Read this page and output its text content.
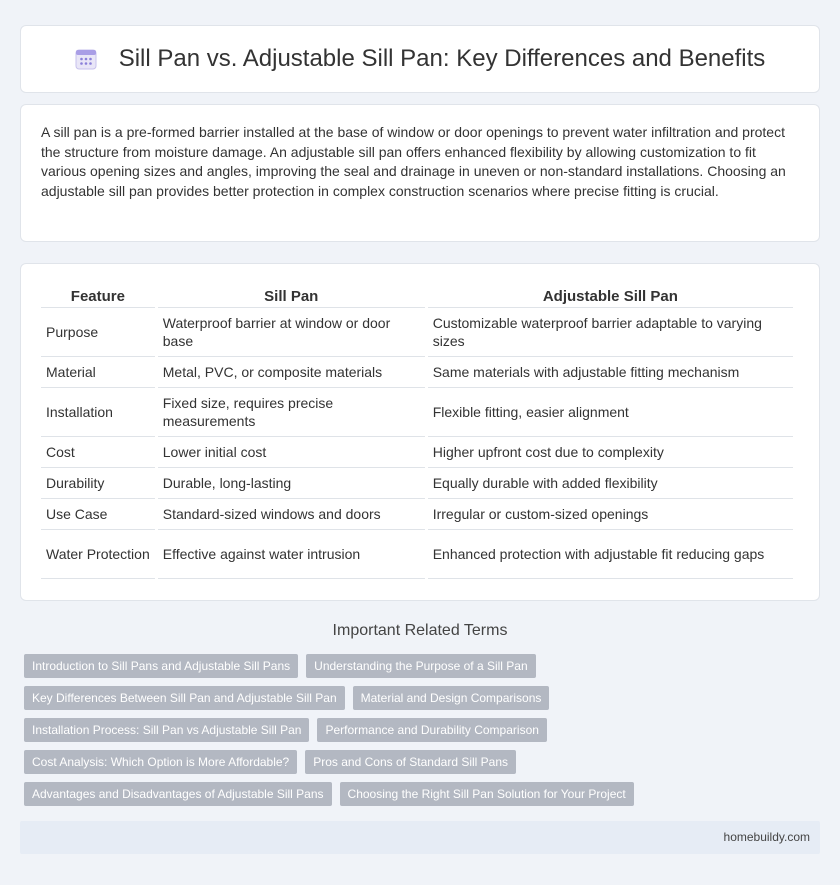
Sill Pan vs. Adjustable Sill Pan: Key Differences and Benefits

A sill pan is a pre-formed barrier installed at the base of window or door openings to prevent water infiltration and protect the structure from moisture damage. An adjustable sill pan offers enhanced flexibility by allowing customization to fit various opening sizes and angles, improving the seal and drainage in uneven or non-standard installations. Choosing an adjustable sill pan provides better protection in complex construction scenarios where precise fitting is crucial.

Feature	Sill Pan	Adjustable Sill Pan
Purpose	Waterproof barrier at window or door base	Customizable waterproof barrier adaptable to varying sizes
Material	Metal, PVC, or composite materials	Same materials with adjustable fitting mechanism
Installation	Fixed size, requires precise measurements	Flexible fitting, easier alignment
Cost	Lower initial cost	Higher upfront cost due to complexity
Durability	Durable, long-lasting	Equally durable with added flexibility
Use Case	Standard-sized windows and doors	Irregular or custom-sized openings
Water Protection	Effective against water intrusion	Enhanced protection with adjustable fit reducing gaps
Important Related Terms
Introduction to Sill Pans and Adjustable Sill Pans	Understanding the Purpose of a Sill Pan
Key Differences Between Sill Pan and Adjustable Sill Pan	Material and Design Comparisons
Installation Process: Sill Pan vs Adjustable Sill Pan	Performance and Durability Comparison
Cost Analysis: Which Option is More Affordable?	Pros and Cons of Standard Sill Pans
Advantages and Disadvantages of Adjustable Sill Pans	Choosing the Right Sill Pan Solution for Your Project
homebuildy.com
